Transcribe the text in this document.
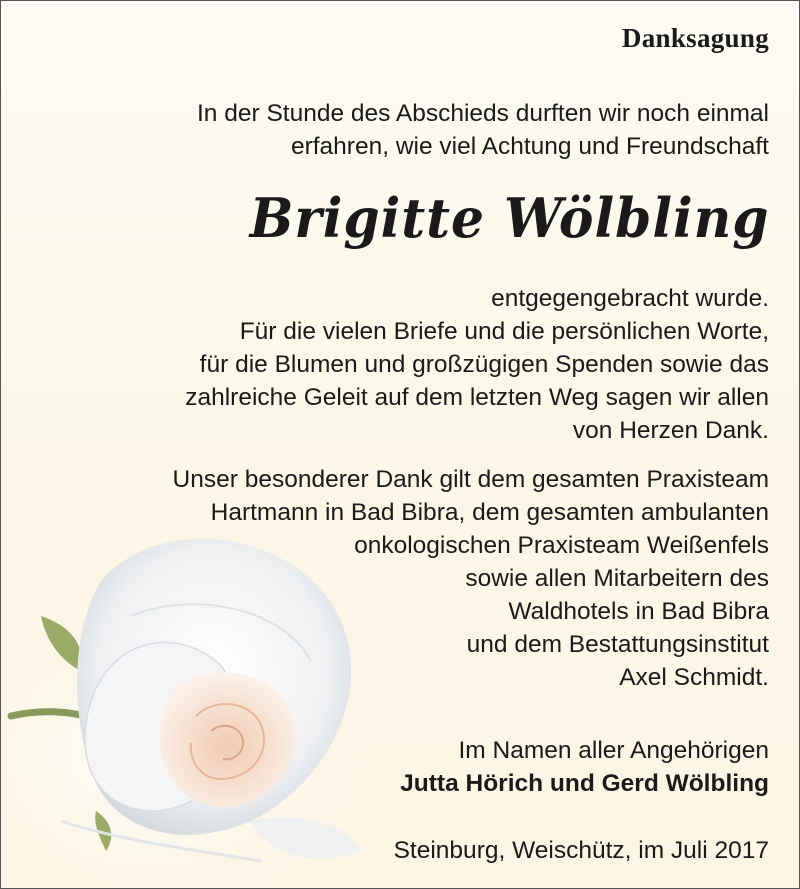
Danksagung
In der Stunde des Abschieds durften wir noch einmal
erfahren, wie viel Achtung und Freundschaft
Brigitte Wölbling
entgegengebracht wurde.
Für die vielen Briefe und die persönlichen Worte,
für die Blumen und großzügigen Spenden sowie das
zahlreiche Geleit auf dem letzten Weg sagen wir allen
von Herzen Dank.
Unser besonderer Dank gilt dem gesamten Praxisteam
Hartmann in Bad Bibra, dem gesamten ambulanten
onkologischen Praxisteam Weißenfels
sowie allen Mitarbeitern des
Waldhotels in Bad Bibra
und dem Bestattungsinstitut
Axel Schmidt.
Im Namen aller Angehörigen
Jutta Hörich und Gerd Wölbling
Steinburg, Weischütz, im Juli 2017
